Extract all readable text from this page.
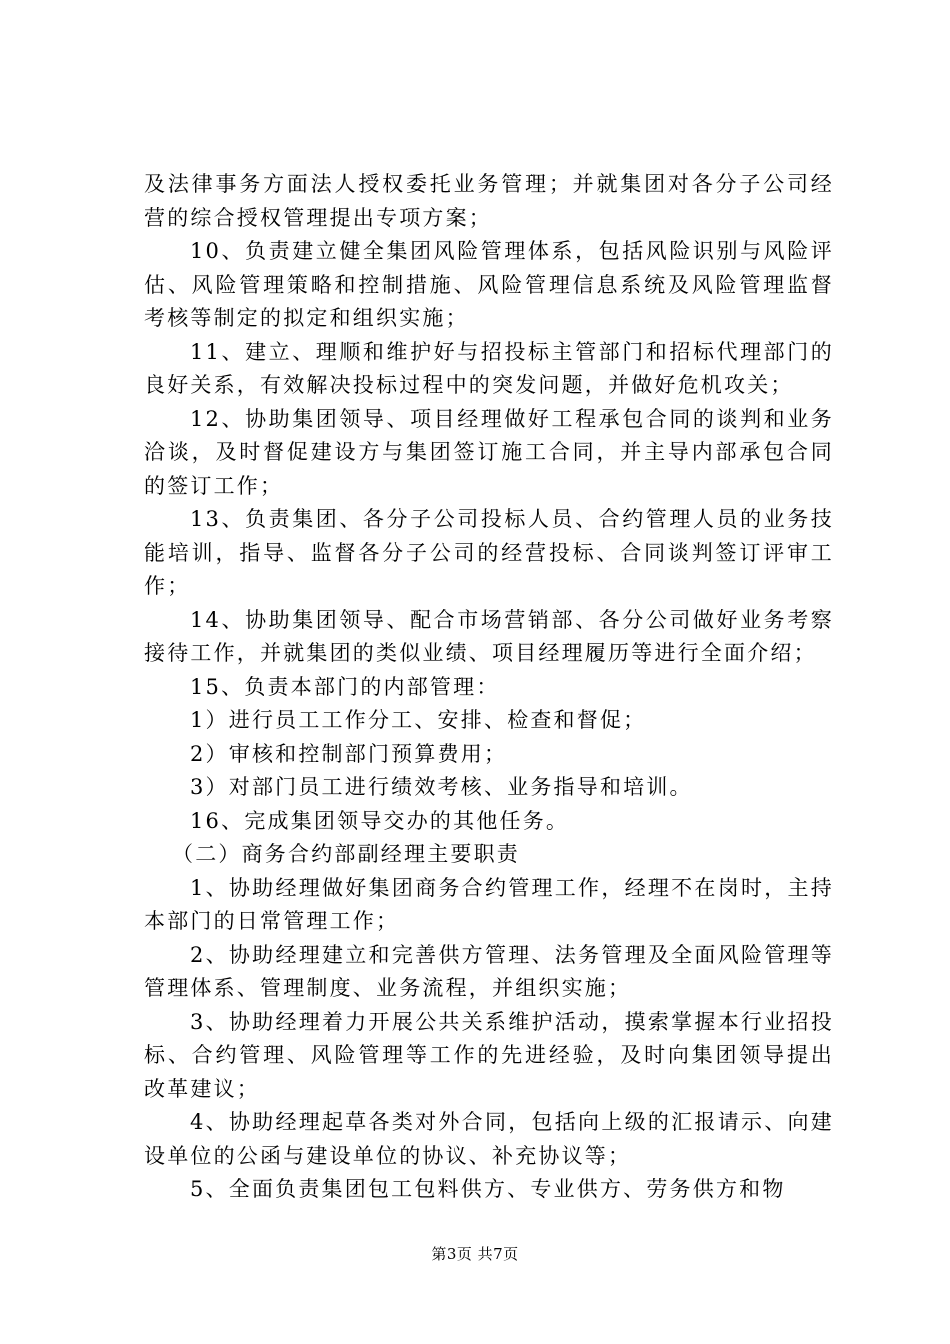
及法律事务方面法人授权委托业务管理；并就集团对各分子公司经营的综合授权管理提出专项方案；

10、负责建立健全集团风险管理体系，包括风险识别与风险评估、风险管理策略和控制措施、风险管理信息系统及风险管理监督考核等制定的拟定和组织实施；

11、建立、理顺和维护好与招投标主管部门和招标代理部门的良好关系，有效解决投标过程中的突发问题，并做好危机攻关；

12、协助集团领导、项目经理做好工程承包合同的谈判和业务洽谈，及时督促建设方与集团签订施工合同，并主导内部承包合同的签订工作；

13、负责集团、各分子公司投标人员、合约管理人员的业务技能培训，指导、监督各分子公司的经营投标、合同谈判签订评审工作；

14、协助集团领导、配合市场营销部、各分公司做好业务考察接待工作，并就集团的类似业绩、项目经理履历等进行全面介绍；

15、负责本部门的内部管理：

1）进行员工工作分工、安排、检查和督促；

2）审核和控制部门预算费用；

3）对部门员工进行绩效考核、业务指导和培训。

16、完成集团领导交办的其他任务。

（二）商务合约部副经理主要职责

1、协助经理做好集团商务合约管理工作，经理不在岗时，主持本部门的日常管理工作；

2、协助经理建立和完善供方管理、法务管理及全面风险管理等管理体系、管理制度、业务流程，并组织实施；

3、协助经理着力开展公共关系维护活动，摸索掌握本行业招投标、合约管理、风险管理等工作的先进经验，及时向集团领导提出改革建议；

4、协助经理起草各类对外合同，包括向上级的汇报请示、向建设单位的公函与建设单位的协议、补充协议等；

5、全面负责集团包工包料供方、专业供方、劳务供方和物

第3页 共7页
